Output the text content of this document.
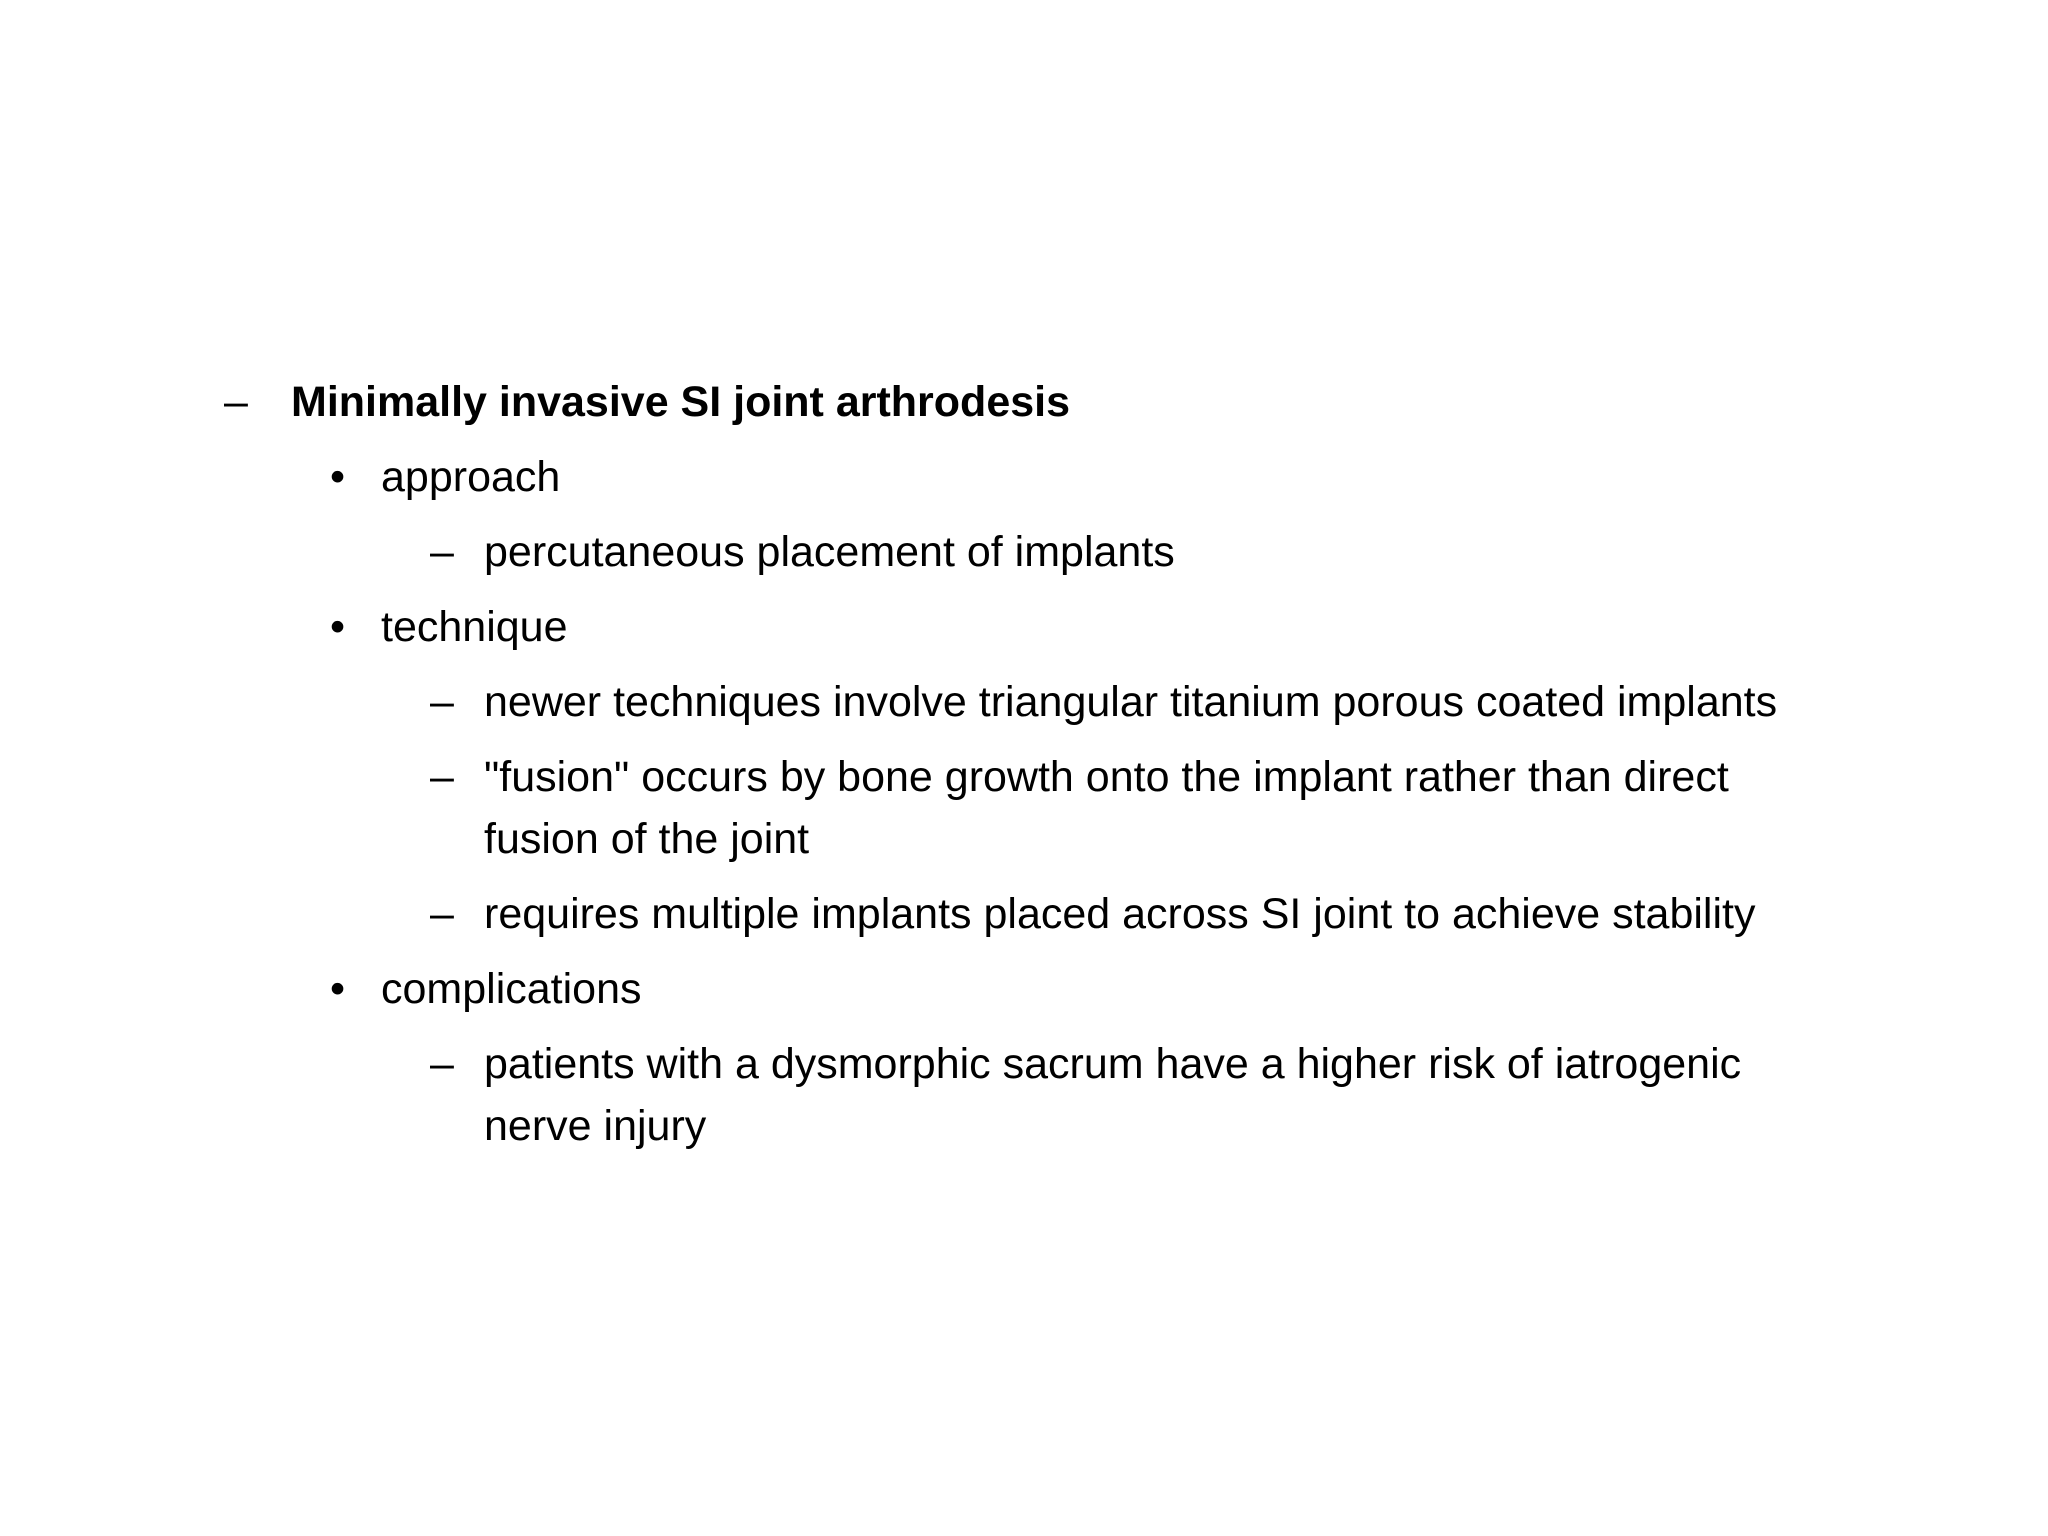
– Minimally invasive SI joint arthrodesis
• approach
– percutaneous placement of implants
• technique
– newer techniques involve triangular titanium porous coated implants
– "fusion" occurs by bone growth onto the implant rather than direct
fusion of the joint
– requires multiple implants placed across SI joint to achieve stability
• complications
– patients with a dysmorphic sacrum have a higher risk of iatrogenic
nerve injury
